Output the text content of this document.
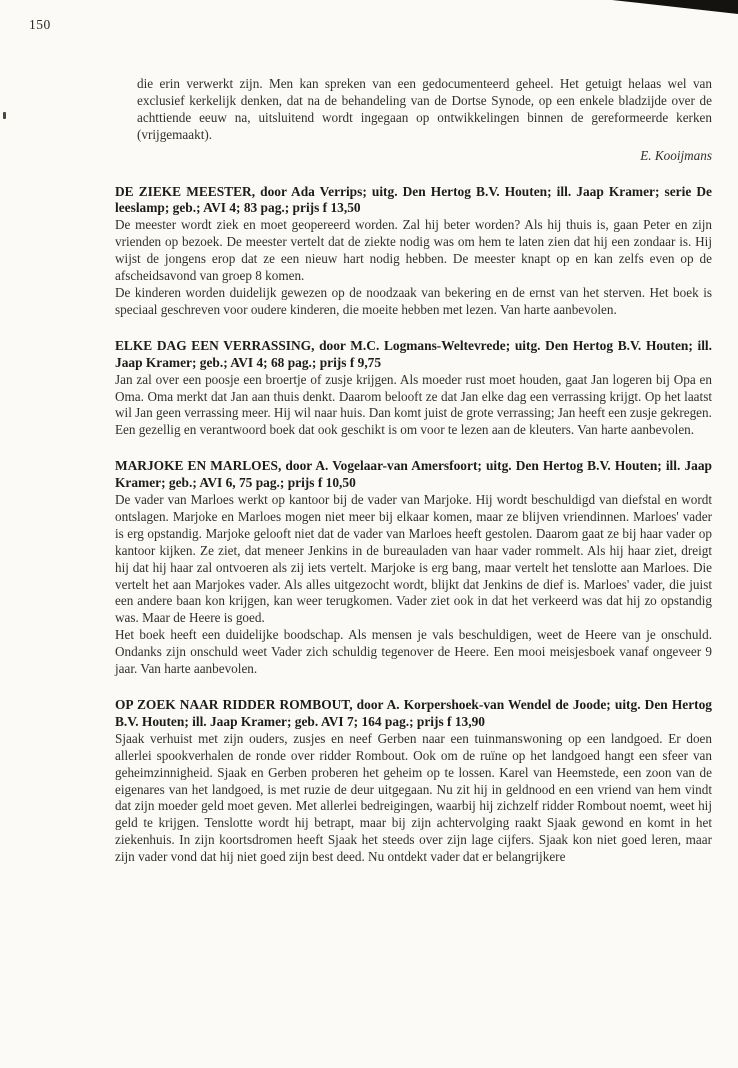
150

die erin verwerkt zijn. Men kan spreken van een gedocumenteerd geheel. Het getuigt helaas wel van exclusief kerkelijk denken, dat na de behandeling van de Dortse Synode, op een enkele bladzijde over de achttiende eeuw na, uitsluitend wordt ingegaan op ontwikkelingen binnen de gereformeerde kerken (vrijgemaakt).

E. Kooijmans

DE ZIEKE MEESTER, door Ada Verrips; uitg. Den Hertog B.V. Houten; ill. Jaap Kramer; serie De leeslamp; geb.; AVI 4; 83 pag.; prijs f 13,50

De meester wordt ziek en moet geopereerd worden. Zal hij beter worden? Als hij thuis is, gaan Peter en zijn vrienden op bezoek. De meester vertelt dat de ziekte nodig was om hem te laten zien dat hij een zondaar is. Hij wijst de jongens erop dat ze een nieuw hart nodig hebben. De meester knapt op en kan zelfs even op de afscheidsavond van groep 8 komen.

De kinderen worden duidelijk gewezen op de noodzaak van bekering en de ernst van het sterven. Het boek is speciaal geschreven voor oudere kinderen, die moeite hebben met lezen. Van harte aanbevolen.

ELKE DAG EEN VERRASSING, door M.C. Logmans-Weltevrede; uitg. Den Hertog B.V. Houten; ill. Jaap Kramer; geb.; AVI 4; 68 pag.; prijs f 9,75

Jan zal over een poosje een broertje of zusje krijgen. Als moeder rust moet houden, gaat Jan logeren bij Opa en Oma. Oma merkt dat Jan aan thuis denkt. Daarom belooft ze dat Jan elke dag een verrassing krijgt. Op het laatst wil Jan geen verrassing meer. Hij wil naar huis. Dan komt juist de grote verrassing; Jan heeft een zusje gekregen.

Een gezellig en verantwoord boek dat ook geschikt is om voor te lezen aan de kleuters. Van harte aanbevolen.

MARJOKE EN MARLOES, door A. Vogelaar-van Amersfoort; uitg. Den Hertog B.V. Houten; ill. Jaap Kramer; geb.; AVI 6, 75 pag.; prijs f 10,50

De vader van Marloes werkt op kantoor bij de vader van Marjoke. Hij wordt beschuldigd van diefstal en wordt ontslagen. Marjoke en Marloes mogen niet meer bij elkaar komen, maar ze blijven vriendinnen. Marloes' vader is erg opstandig. Marjoke gelooft niet dat de vader van Marloes heeft gestolen. Daarom gaat ze bij haar vader op kantoor kijken. Ze ziet, dat meneer Jenkins in de bureauladen van haar vader rommelt. Als hij haar ziet, dreigt hij dat hij haar zal ontvoeren als zij iets vertelt. Marjoke is erg bang, maar vertelt het tenslotte aan Marloes. Die vertelt het aan Marjokes vader. Als alles uitgezocht wordt, blijkt dat Jenkins de dief is. Marloes' vader, die juist een andere baan kon krijgen, kan weer terugkomen. Vader ziet ook in dat het verkeerd was dat hij zo opstandig was. Maar de Heere is goed.

Het boek heeft een duidelijke boodschap. Als mensen je vals beschuldigen, weet de Heere van je onschuld. Ondanks zijn onschuld weet Vader zich schuldig tegenover de Heere. Een mooi meisjesboek vanaf ongeveer 9 jaar. Van harte aanbevolen.

OP ZOEK NAAR RIDDER ROMBOUT, door A. Korpershoek-van Wendel de Joode; uitg. Den Hertog B.V. Houten; ill. Jaap Kramer; geb. AVI 7; 164 pag.; prijs f 13,90

Sjaak verhuist met zijn ouders, zusjes en neef Gerben naar een tuinmanswoning op een landgoed. Er doen allerlei spookverhalen de ronde over ridder Rombout. Ook om de ruïne op het landgoed hangt een sfeer van geheimzinnigheid. Sjaak en Gerben proberen het geheim op te lossen. Karel van Heemstede, een zoon van de eigenares van het landgoed, is met ruzie de deur uitgegaan. Nu zit hij in geldnood en een vriend van hem vindt dat zijn moeder geld moet geven. Met allerlei bedreigingen, waarbij hij zichzelf ridder Rombout noemt, weet hij geld te krijgen. Tenslotte wordt hij betrapt, maar bij zijn achtervolging raakt Sjaak gewond en komt in het ziekenhuis. In zijn koortsdromen heeft Sjaak het steeds over zijn lage cijfers. Sjaak kon niet goed leren, maar zijn vader vond dat hij niet goed zijn best deed. Nu ontdekt vader dat er belangrijkere
